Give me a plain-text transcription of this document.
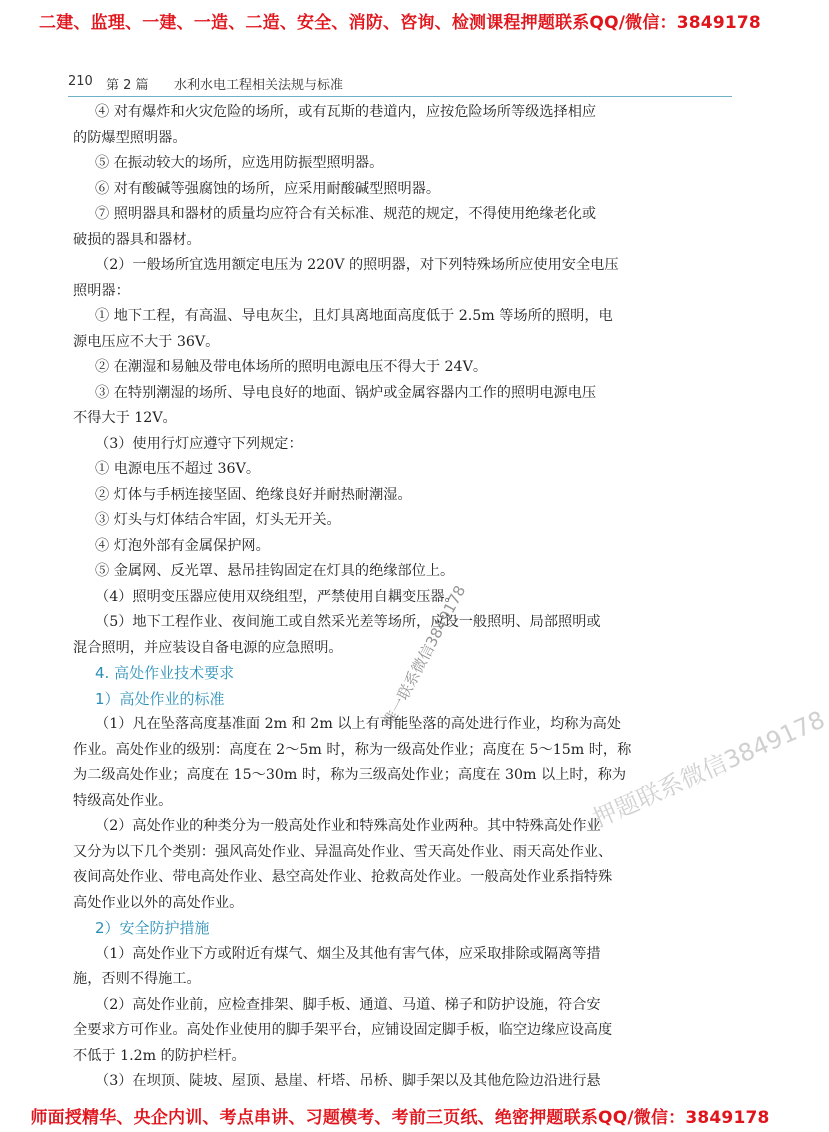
二建、监理、一建、一造、二造、安全、消防、咨询、检测课程押题联系QQ/微信：3849178
210 第 2 篇 水利水电工程相关法规与标准
④ 对有爆炸和火灾危险的场所，或有瓦斯的巷道内，应按危险场所等级选择相应
的防爆型照明器。
⑤ 在振动较大的场所，应选用防振型照明器。
⑥ 对有酸碱等强腐蚀的场所，应采用耐酸碱型照明器。
⑦ 照明器具和器材的质量均应符合有关标准、规范的规定，不得使用绝缘老化或
破损的器具和器材。
（2）一般场所宜选用额定电压为 220V 的照明器，对下列特殊场所应使用安全电压
照明器：
① 地下工程，有高温、导电灰尘，且灯具离地面高度低于 2.5m 等场所的照明，电
源电压应不大于 36V。
② 在潮湿和易触及带电体场所的照明电源电压不得大于 24V。
③ 在特别潮湿的场所、导电良好的地面、锅炉或金属容器内工作的照明电源电压
不得大于 12V。
（3）使用行灯应遵守下列规定：
① 电源电压不超过 36V。
② 灯体与手柄连接坚固、绝缘良好并耐热耐潮湿。
③ 灯头与灯体结合牢固，灯头无开关。
④ 灯泡外部有金属保护网。
⑤ 金属网、反光罩、悬吊挂钩固定在灯具的绝缘部位上。
（4）照明变压器应使用双绕组型，严禁使用自耦变压器。
（5）地下工程作业、夜间施工或自然采光差等场所，应设一般照明、局部照明或
混合照明，并应装设自备电源的应急照明。
4. 高处作业技术要求
1）高处作业的标准
（1）凡在坠落高度基准面 2m 和 2m 以上有可能坠落的高处进行作业，均称为高处
作业。高处作业的级别：高度在 2～5m 时，称为一级高处作业；高度在 5～15m 时，称
为二级高处作业；高度在 15～30m 时，称为三级高处作业；高度在 30m 以上时，称为
特级高处作业。
（2）高处作业的种类分为一般高处作业和特殊高处作业两种。其中特殊高处作业
又分为以下几个类别：强风高处作业、异温高处作业、雪天高处作业、雨天高处作业、
夜间高处作业、带电高处作业、悬空高处作业、抢救高处作业。一般高处作业系指特殊
高处作业以外的高处作业。
2）安全防护措施
（1）高处作业下方或附近有煤气、烟尘及其他有害气体，应采取排除或隔离等措
施，否则不得施工。
（2）高处作业前，应检查排架、脚手板、通道、马道、梯子和防护设施，符合安
全要求方可作业。高处作业使用的脚手架平台，应铺设固定脚手板，临空边缘应设高度
不低于 1.2m 的防护栏杆。
（3）在坝顶、陡坡、屋顶、悬崖、杆塔、吊桥、脚手架以及其他危险边沿进行悬
唯一联系微信3849178
押题联系微信3849178
师面授精华、央企内训、考点串讲、习题模考、考前三页纸、绝密押题联系QQ/微信：3849178
